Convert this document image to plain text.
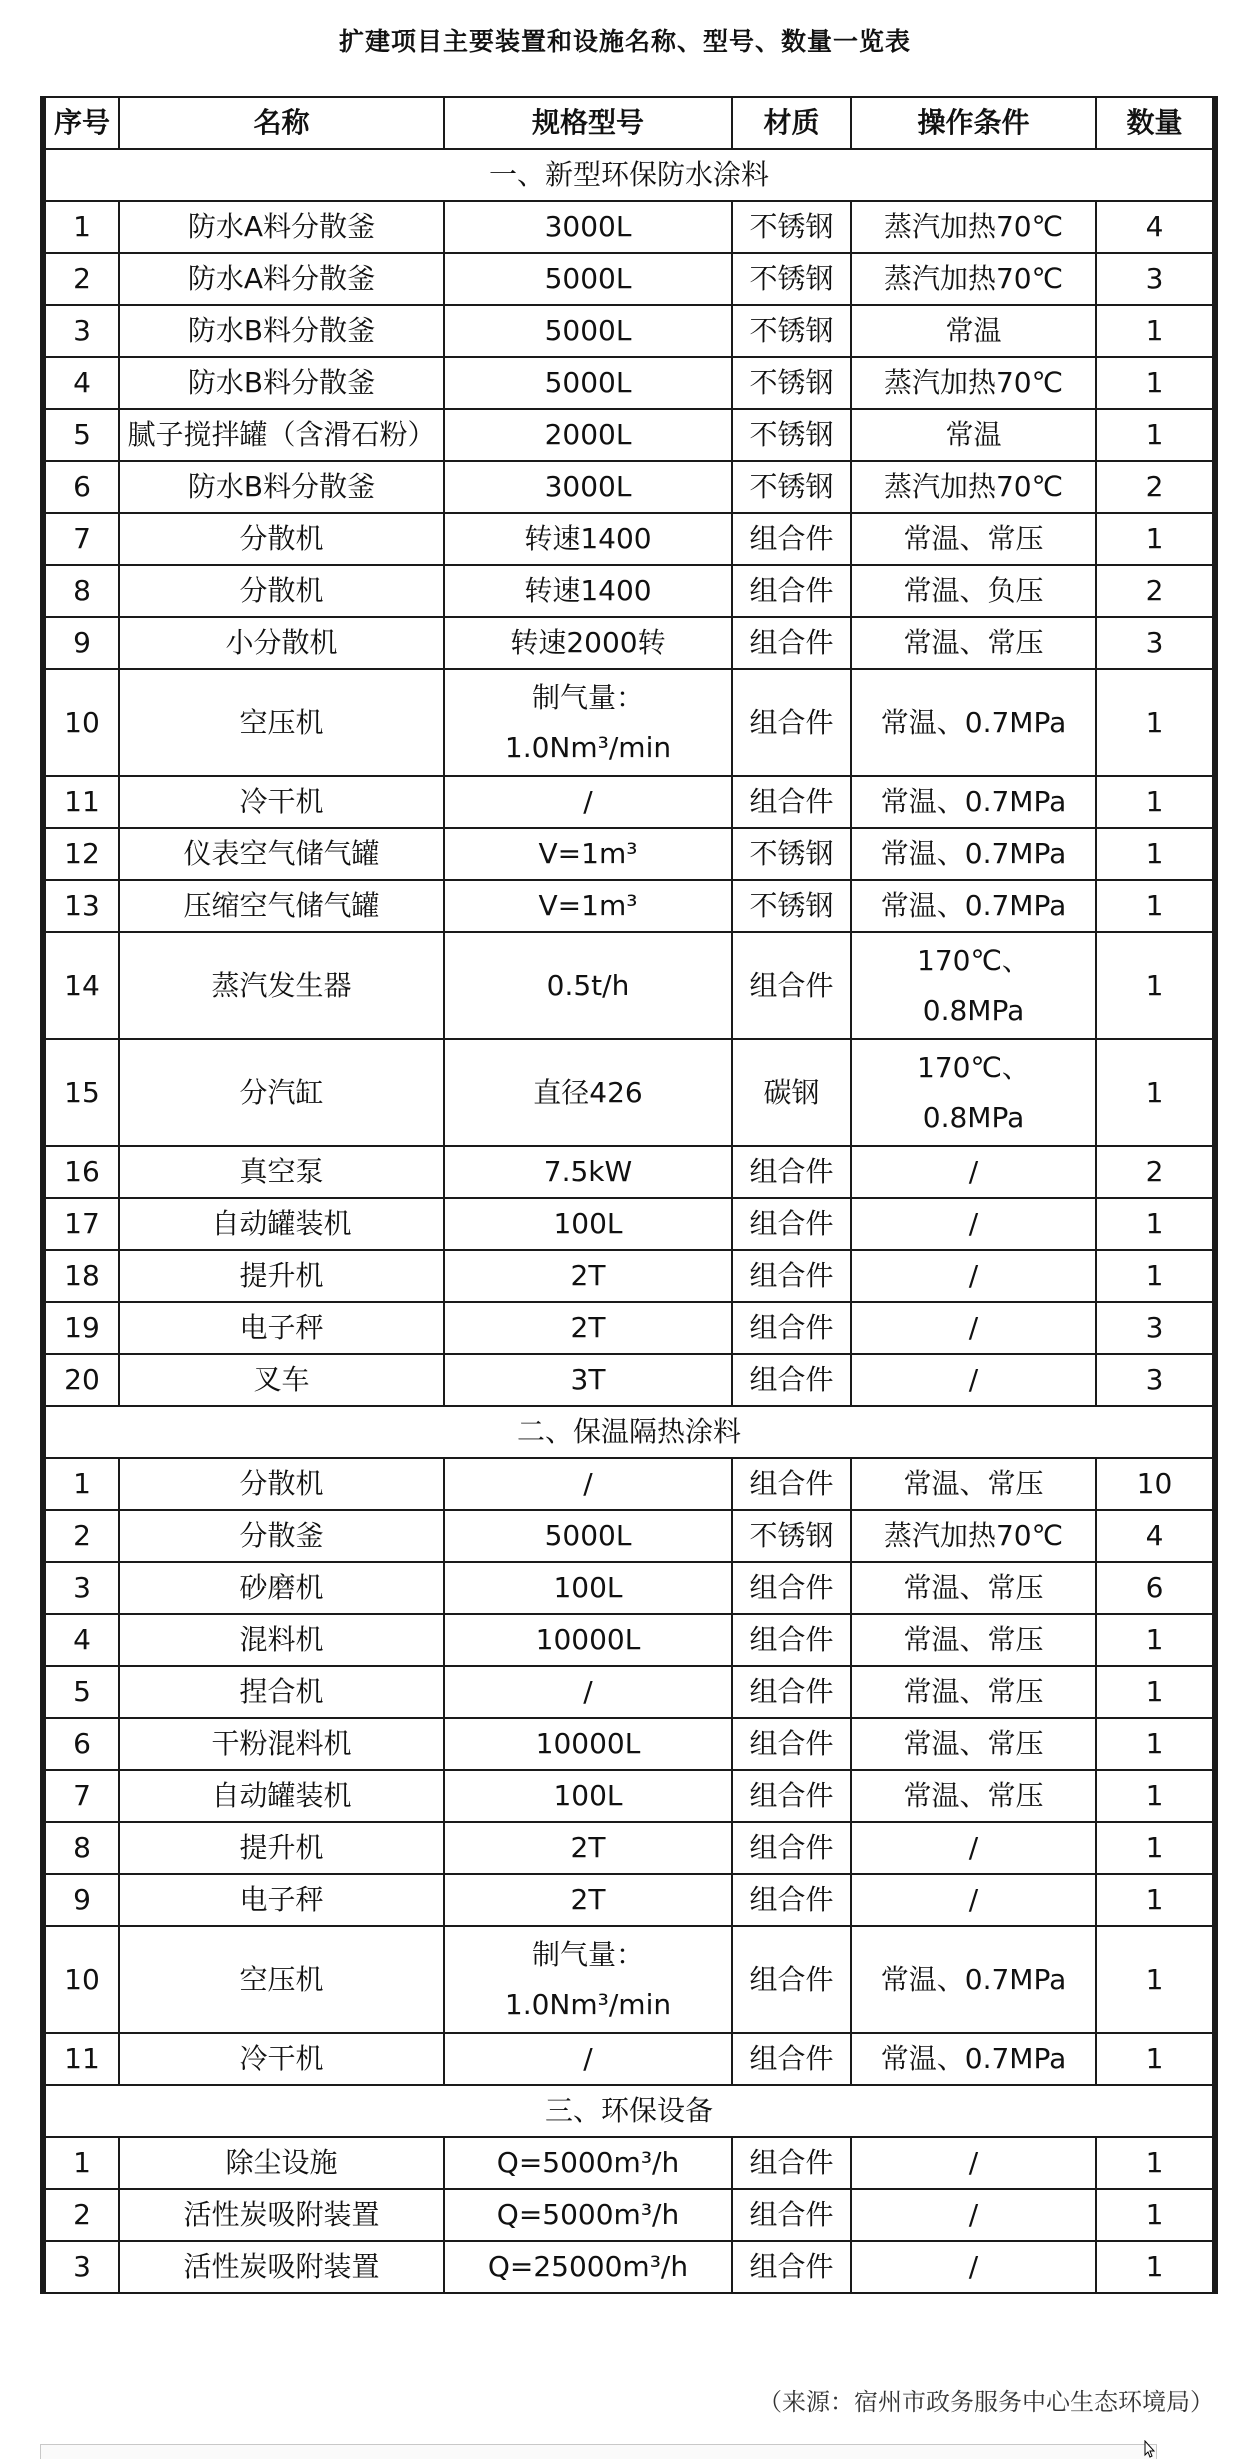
扩建项目主要装置和设施名称、型号、数量一览表
序号	名称	规格型号	材质	操作条件	数量
一、新型环保防水涂料					
1	防水A料分散釜	3000L	不锈钢	蒸汽加热70℃	4
2	防水A料分散釜	5000L	不锈钢	蒸汽加热70℃	3
3	防水B料分散釜	5000L	不锈钢	常温	1
4	防水B料分散釜	5000L	不锈钢	蒸汽加热70℃	1
5	腻子搅拌罐（含滑石粉）	2000L	不锈钢	常温	1
6	防水B料分散釜	3000L	不锈钢	蒸汽加热70℃	2
7	分散机	转速1400	组合件	常温、常压	1
8	分散机	转速1400	组合件	常温、负压	2
9	小分散机	转速2000转	组合件	常温、常压	3
10	空压机	制气量：
1.0Nm³/min	组合件	常温、0.7MPa	1
11	冷干机	/	组合件	常温、0.7MPa	1
12	仪表空气储气罐	V=1m³	不锈钢	常温、0.7MPa	1
13	压缩空气储气罐	V=1m³	不锈钢	常温、0.7MPa	1
14	蒸汽发生器	0.5t/h	组合件	170℃、
0.8MPa	1
15	分汽缸	直径426	碳钢	170℃、
0.8MPa	1
16	真空泵	7.5kW	组合件	/	2
17	自动罐装机	100L	组合件	/	1
18	提升机	2T	组合件	/	1
19	电子秤	2T	组合件	/	3
20	叉车	3T	组合件	/	3
二、保温隔热涂料					
1	分散机	/	组合件	常温、常压	10
2	分散釜	5000L	不锈钢	蒸汽加热70℃	4
3	砂磨机	100L	组合件	常温、常压	6
4	混料机	10000L	组合件	常温、常压	1
5	捏合机	/	组合件	常温、常压	1
6	干粉混料机	10000L	组合件	常温、常压	1
7	自动罐装机	100L	组合件	常温、常压	1
8	提升机	2T	组合件	/	1
9	电子秤	2T	组合件	/	1
10	空压机	制气量：
1.0Nm³/min	组合件	常温、0.7MPa	1
11	冷干机	/	组合件	常温、0.7MPa	1
三、环保设备					
1	除尘设施	Q=5000m³/h	组合件	/	1
2	活性炭吸附装置	Q=5000m³/h	组合件	/	1
3	活性炭吸附装置	Q=25000m³/h	组合件	/	1
（来源：宿州市政务服务中心生态环境局）
